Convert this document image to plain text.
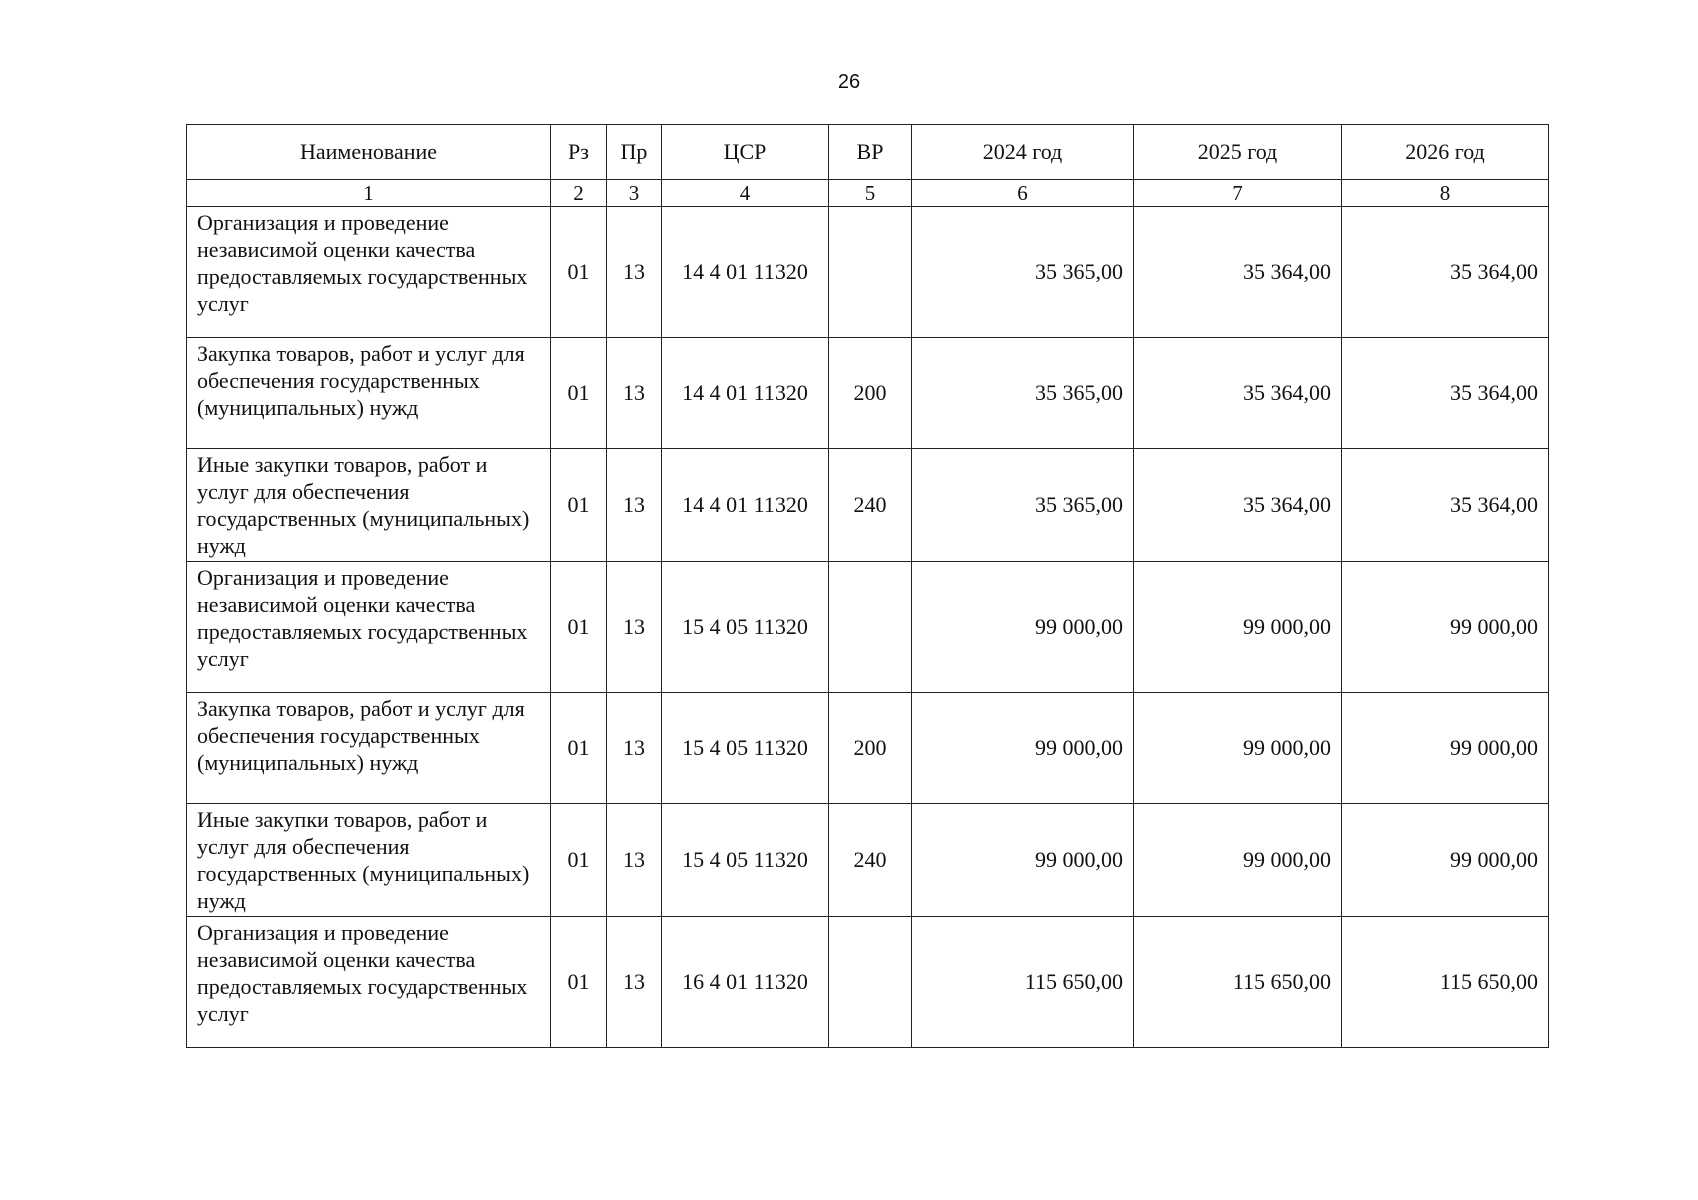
26
Наименование	Рз	Пр	ЦСР	ВР	2024 год	2025 год	2026 год
1	2	3	4	5	6	7	8
Организация и проведение независимой оценки качества предоставляемых государственных услуг	01	13	14 4 01 11320		35 365,00	35 364,00	35 364,00
Закупка товаров, работ и услуг для обеспечения государственных (муниципальных) нужд	01	13	14 4 01 11320	200	35 365,00	35 364,00	35 364,00
Иные закупки товаров, работ и услуг для обеспечения государственных (муниципальных) нужд	01	13	14 4 01 11320	240	35 365,00	35 364,00	35 364,00
Организация и проведение независимой оценки качества предоставляемых государственных услуг	01	13	15 4 05 11320		99 000,00	99 000,00	99 000,00
Закупка товаров, работ и услуг для обеспечения государственных (муниципальных) нужд	01	13	15 4 05 11320	200	99 000,00	99 000,00	99 000,00
Иные закупки товаров, работ и услуг для обеспечения государственных (муниципальных) нужд	01	13	15 4 05 11320	240	99 000,00	99 000,00	99 000,00
Организация и проведение независимой оценки качества предоставляемых государственных услуг	01	13	16 4 01 11320		115 650,00	115 650,00	115 650,00
